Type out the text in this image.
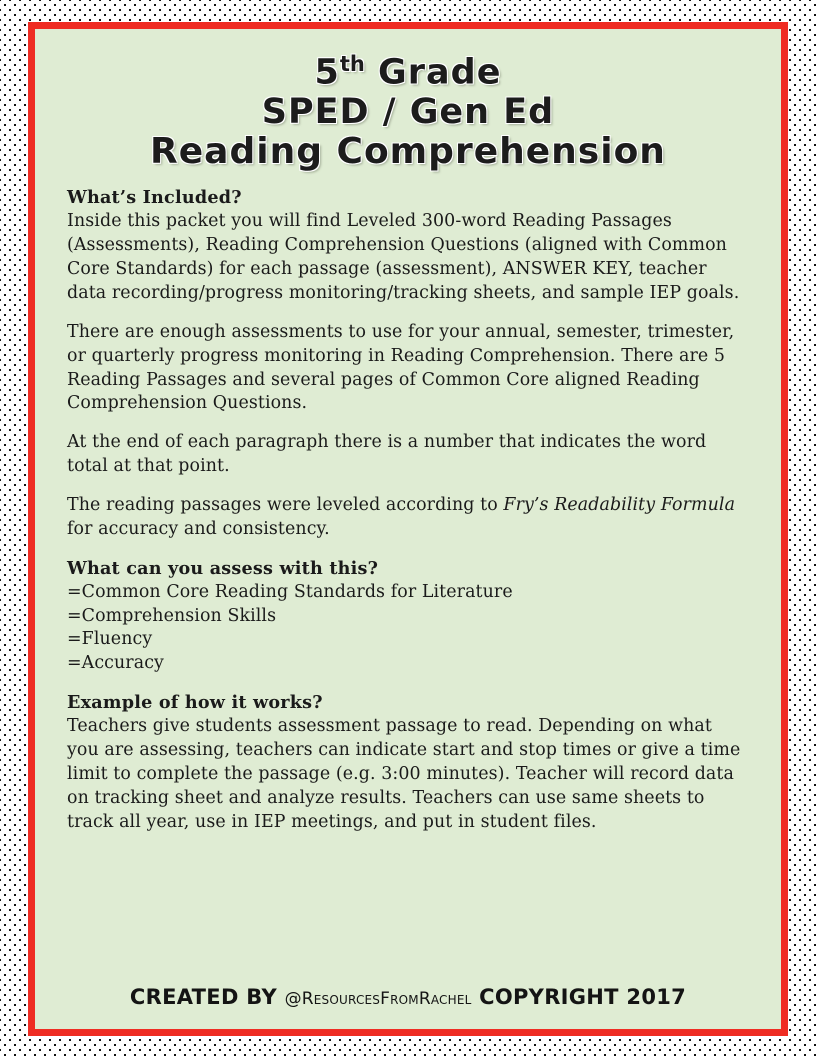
5th Grade
SPED / Gen Ed
Reading Comprehension

What’s Included?

Inside this packet you will find Leveled 300-word Reading Passages (Assessments), Reading Comprehension Questions (aligned with Common Core Standards) for each passage (assessment), ANSWER KEY, teacher data recording/progress monitoring/tracking sheets, and sample IEP goals.

There are enough assessments to use for your annual, semester, trimester, or quarterly progress monitoring in Reading Comprehension. There are 5 Reading Passages and several pages of Common Core aligned Reading Comprehension Questions.

At the end of each paragraph there is a number that indicates the word total at that point.

The reading passages were leveled according to Fry’s Readability Formula for accuracy and consistency.

What can you assess with this?

=Common Core Reading Standards for Literature

=Comprehension Skills

=Fluency

=Accuracy

Example of how it works?

Teachers give students assessment passage to read. Depending on what you are assessing, teachers can indicate start and stop times or give a time limit to complete the passage (e.g. 3:00 minutes). Teacher will record data on tracking sheet and analyze results. Teachers can use same sheets to track all year, use in IEP meetings, and put in student files.

CREATED BY @ResourcesFromRachel COPYRIGHT 2017
